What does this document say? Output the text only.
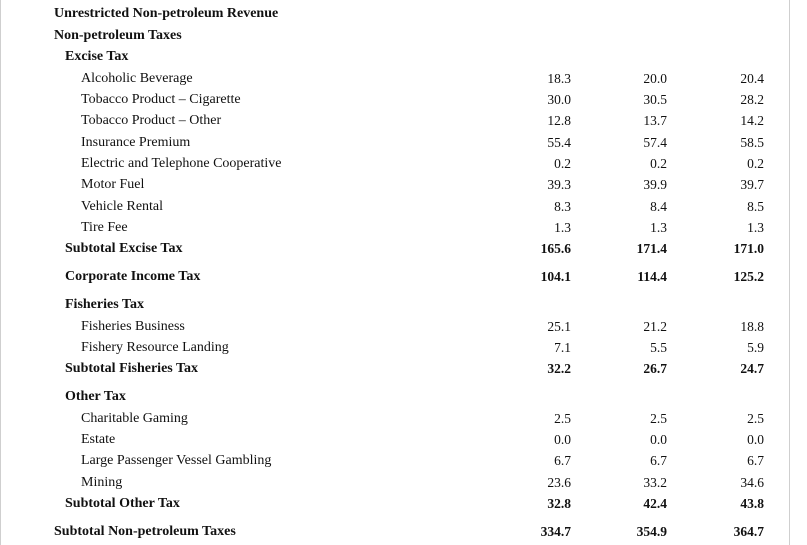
Unrestricted Non-petroleum Revenue
Non-petroleum Taxes
Excise Tax
Alcoholic Beverage	18.3	20.0	20.4
Tobacco Product – Cigarette	30.0	30.5	28.2
Tobacco Product – Other	12.8	13.7	14.2
Insurance Premium	55.4	57.4	58.5
Electric and Telephone Cooperative	0.2	0.2	0.2
Motor Fuel	39.3	39.9	39.7
Vehicle Rental	8.3	8.4	8.5
Tire Fee	1.3	1.3	1.3
Subtotal Excise Tax	165.6	171.4	171.0
Corporate Income Tax	104.1	114.4	125.2
Fisheries Tax
Fisheries Business	25.1	21.2	18.8
Fishery Resource Landing	7.1	5.5	5.9
Subtotal Fisheries Tax	32.2	26.7	24.7
Other Tax
Charitable Gaming	2.5	2.5	2.5
Estate	0.0	0.0	0.0
Large Passenger Vessel Gambling	6.7	6.7	6.7
Mining	23.6	33.2	34.6
Subtotal Other Tax	32.8	42.4	43.8
Subtotal Non-petroleum Taxes	334.7	354.9	364.7
